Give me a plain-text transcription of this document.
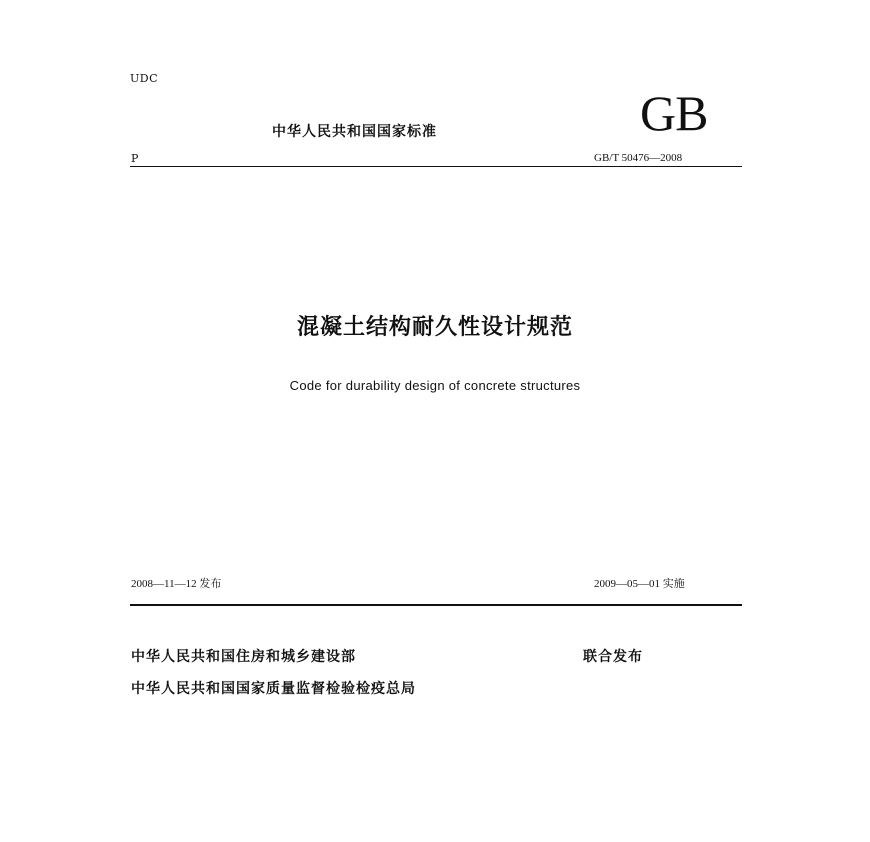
UDC
中华人民共和国国家标准	GB
P	GB/T 50476—2008
混凝土结构耐久性设计规范
Code for durability design of concrete structures
2008—11—12 发布	2009—05—01 实施
中华人民共和国住房和城乡建设部	联合发布
中华人民共和国国家质量监督检验检疫总局
